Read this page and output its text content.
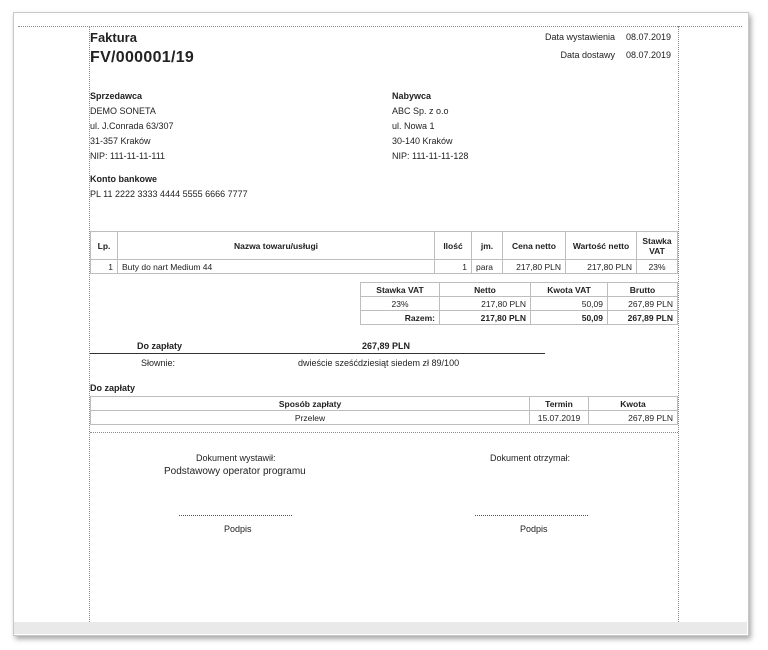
Faktura
FV/000001/19
Data wystawienia 08.07.2019
Data dostawy 08.07.2019
Sprzedawca
DEMO SONETA
ul. J.Conrada 63/307
31-357 Kraków
NIP: 111-11-11-111
Nabywca
ABC Sp. z o.o
ul. Nowa 1
30-140 Kraków
NIP: 111-11-11-128
Konto bankowe
PL 11 2222 3333 4444 5555 6666 7777
Lp.	Nazwa towaru/usługi	Ilość	jm.	Cena netto	Wartość netto	Stawka
VAT

1	Buty do nart Medium 44	1	para	217,80 PLN	217,80 PLN	23%
Stawka VAT	Netto	Kwota VAT	Brutto
23%	217,80 PLN	50,09	267,89 PLN
Razem:	217,80 PLN	50,09	267,89 PLN
Do zapłaty	267,89 PLN
Słownie:	dwieście sześćdziesiąt siedem zł 89/100
Do zapłaty
Sposób zapłaty	Termin	Kwota
Przelew	15.07.2019	267,89 PLN
Dokument wystawił:
Podstawowy operator programu
Dokument otrzymał:
Podpis	Podpis
